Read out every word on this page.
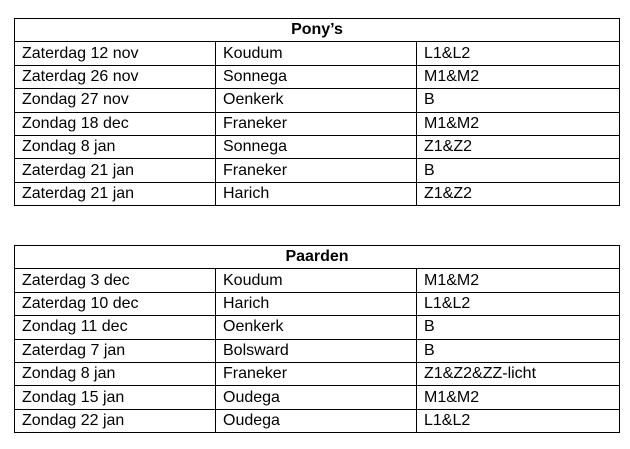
Pony’s		
Zaterdag 12 nov	Koudum	L1&L2
Zaterdag 26 nov	Sonnega	M1&M2
Zondag 27 nov	Oenkerk	B
Zondag 18 dec	Franeker	M1&M2
Zondag 8 jan	Sonnega	Z1&Z2
Zaterdag 21 jan	Franeker	B
Zaterdag 21 jan	Harich	Z1&Z2
Paarden		
Zaterdag 3 dec	Koudum	M1&M2
Zaterdag 10 dec	Harich	L1&L2
Zondag 11 dec	Oenkerk	B
Zaterdag 7 jan	Bolsward	B
Zondag 8 jan	Franeker	Z1&Z2&ZZ-licht
Zondag 15 jan	Oudega	M1&M2
Zondag 22 jan	Oudega	L1&L2
